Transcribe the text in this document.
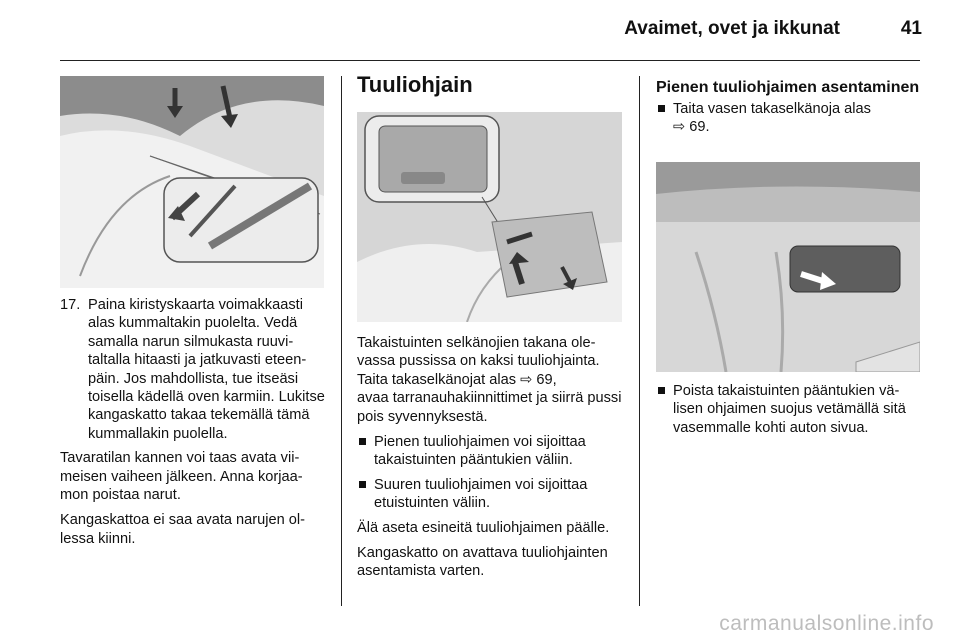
Avaimet, ovet ja ikkunat	41
17. Paina kiristyskaarta voimakkaasti alas kummaltakin puolelta. Vedä samalla narun silmukasta ruuvitaltalla hitaasti ja jatkuvasti eteenpäin. Jos mahdollista, tue itseäsi toisella kädellä oven karmiin. Lukitse kangaskatto takaa tekemällä tämä kummallakin puolella.

Tavaratilan kannen voi taas avata viimeisen vaiheen jälkeen. Anna korjaamon poistaa narut.

Kangaskattoa ei saa avata narujen ollessa kiinni.

Tuuliohjain

Takaistuinten selkänojien takana olevassa pussissa on kaksi tuuliohjainta. Taita takaselkänojat alas ⇨ 69,
avaa tarranauhakiinnittimet ja siirrä pussi pois syvennyksestä.

Pienen tuuliohjaimen voi sijoittaa takaistuinten pääntukien väliin.
Suuren tuuliohjaimen voi sijoittaa etuistuinten väliin.

Älä aseta esineitä tuuliohjaimen päälle.

Kangaskatto on avattava tuuliohjainten asentamista varten.

Pienen tuuliohjaimen asentaminen
Taita vasen takaselkänoja alas
⇨ 69.
Poista takaistuinten pääntukien välisen ohjaimen suojus vetämällä sitä vasemmalle kohti auton sivua.
carmanualsonline.info
